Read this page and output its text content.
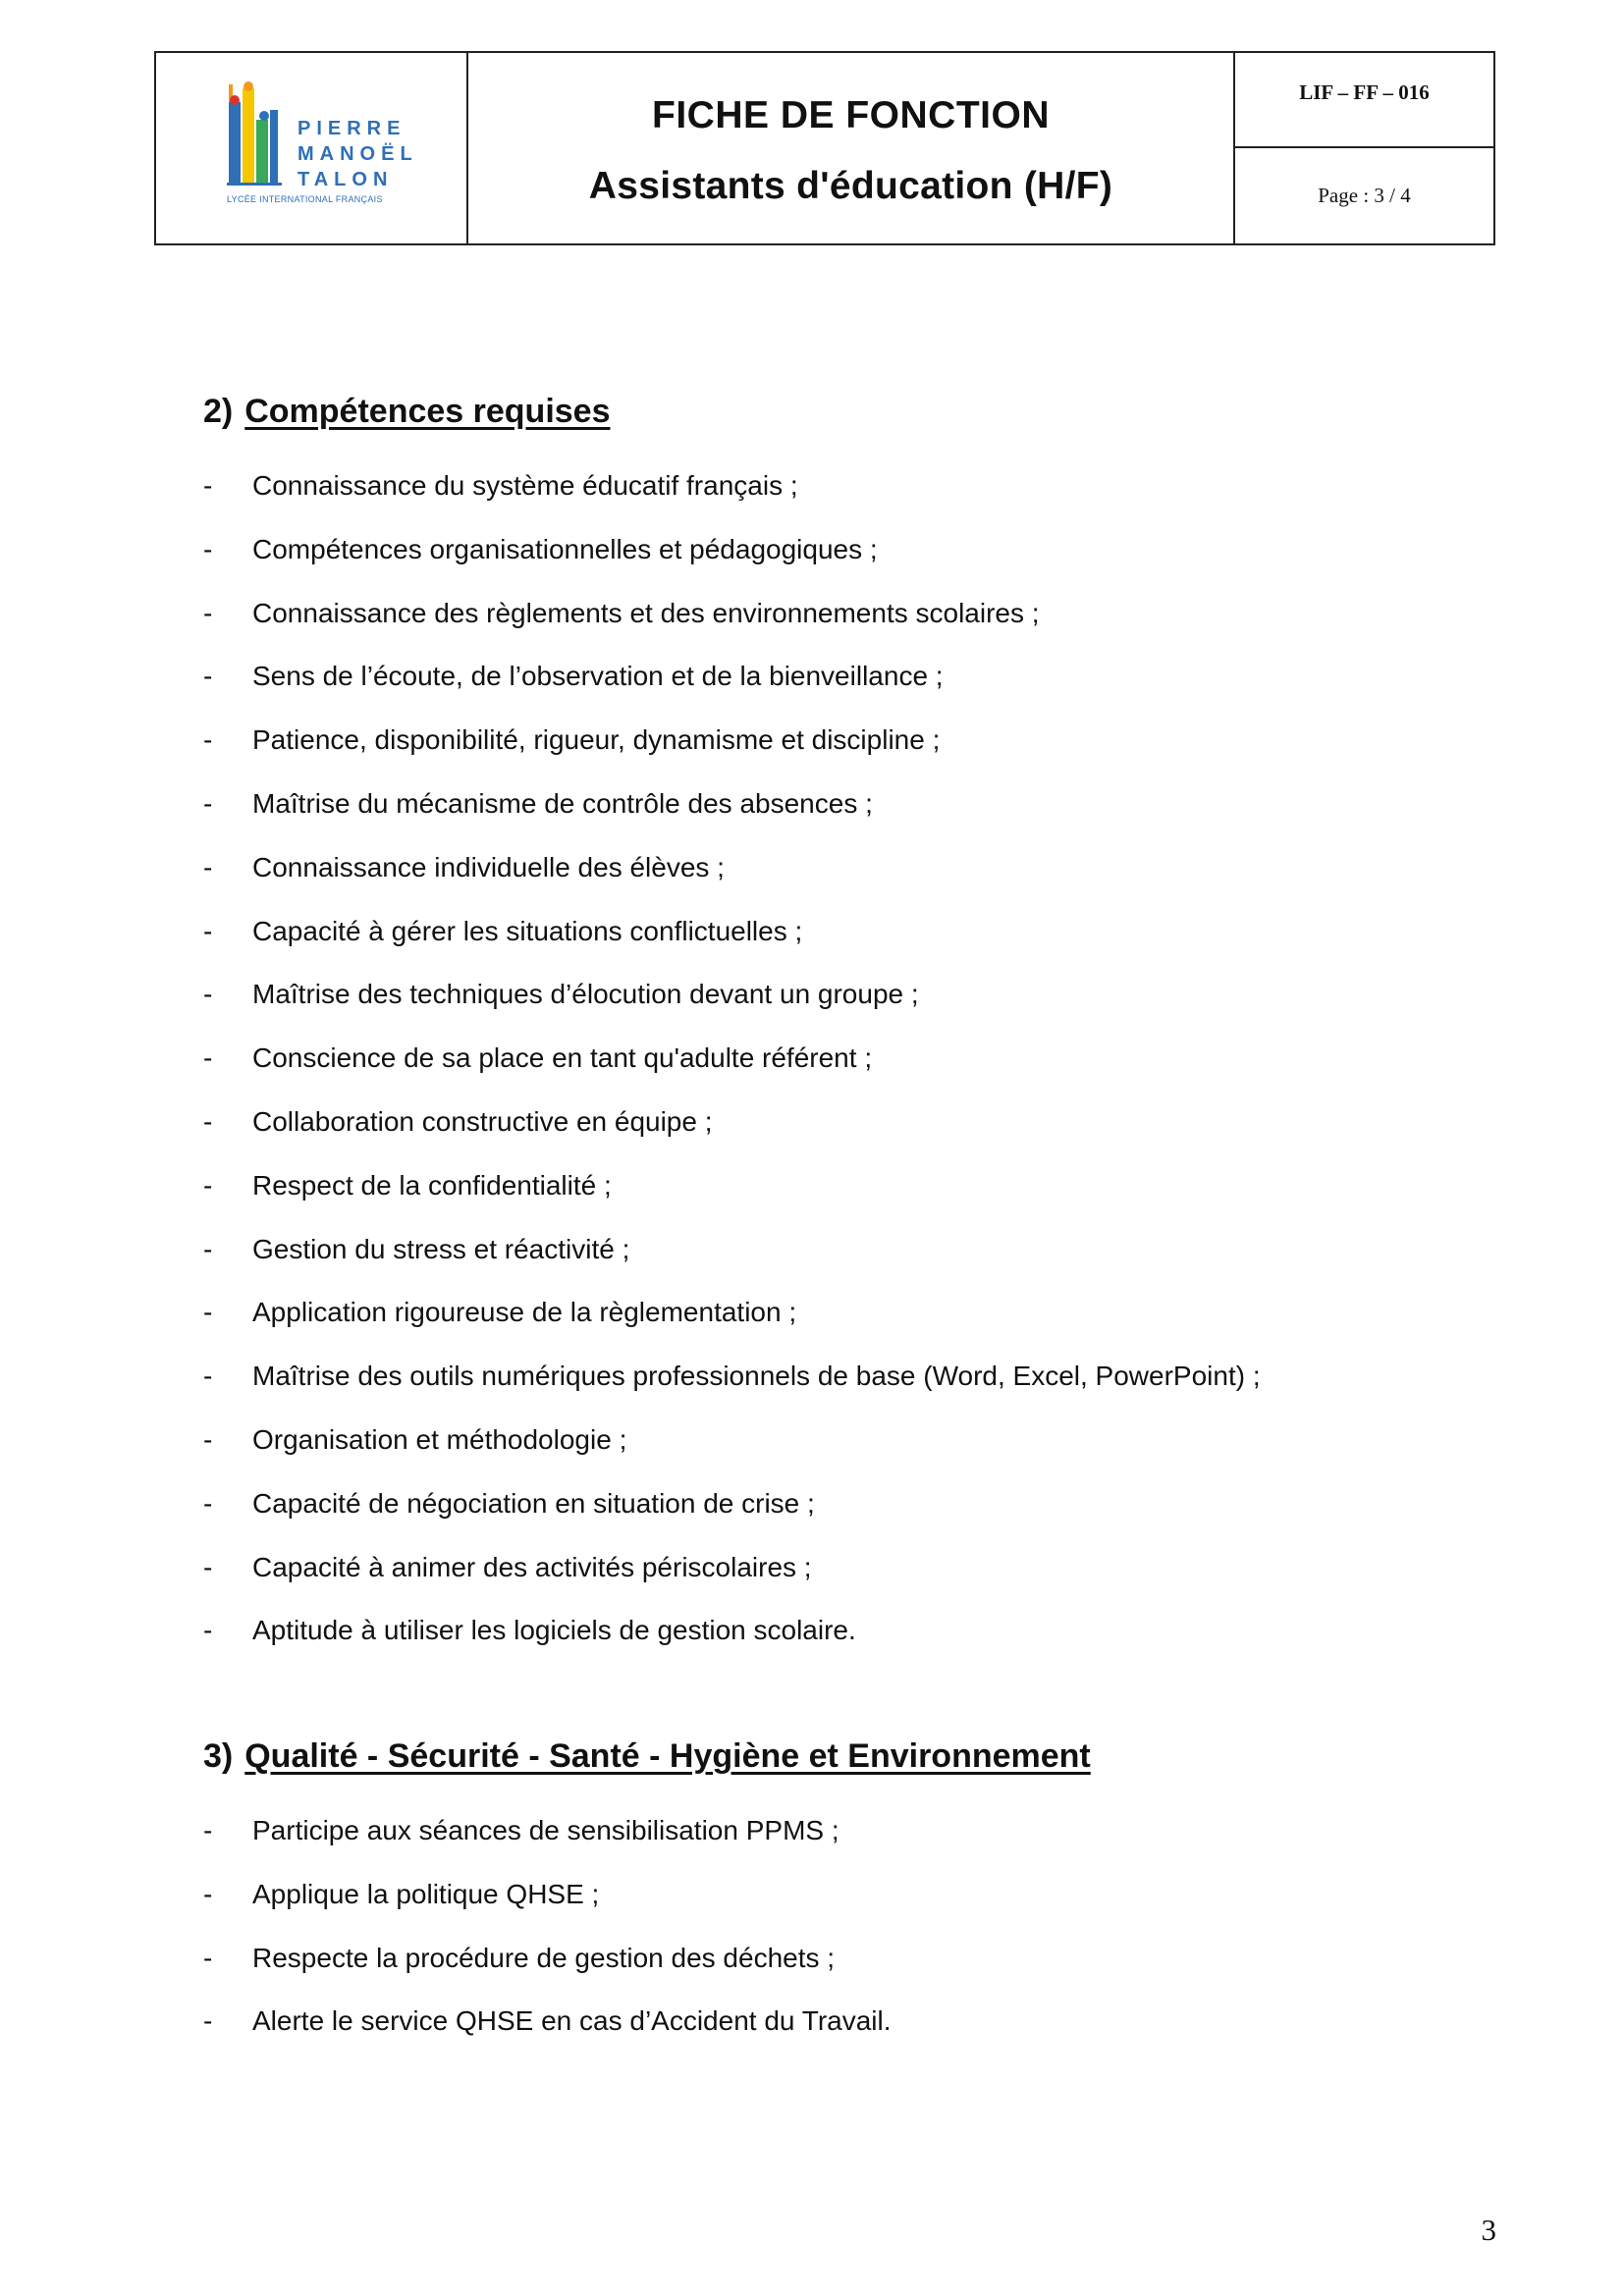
PIERRE
MANOËL
TALON
LYCÉE INTERNATIONAL FRANÇAIS
FICHE DE FONCTION
Assistants d'éducation (H/F)
LIF – FF – 016
Page : 3 / 4
2) Compétences requises
- Connaissance du système éducatif français ;
- Compétences organisationnelles et pédagogiques ;
- Connaissance des règlements et des environnements scolaires ;
- Sens de l’écoute, de l’observation et de la bienveillance ;
- Patience, disponibilité, rigueur, dynamisme et discipline ;
- Maîtrise du mécanisme de contrôle des absences ;
- Connaissance individuelle des élèves ;
- Capacité à gérer les situations conflictuelles ;
- Maîtrise des techniques d’élocution devant un groupe ;
- Conscience de sa place en tant qu'adulte référent ;
- Collaboration constructive en équipe ;
- Respect de la confidentialité ;
- Gestion du stress et réactivité ;
- Application rigoureuse de la règlementation ;
- Maîtrise des outils numériques professionnels de base (Word, Excel, PowerPoint) ;
- Organisation et méthodologie ;
- Capacité de négociation en situation de crise ;
- Capacité à animer des activités périscolaires ;
- Aptitude à utiliser les logiciels de gestion scolaire.
3) Qualité - Sécurité - Santé - Hygiène et Environnement
- Participe aux séances de sensibilisation PPMS ;
- Applique la politique QHSE ;
- Respecte la procédure de gestion des déchets ;
- Alerte le service QHSE en cas d’Accident du Travail.
3
